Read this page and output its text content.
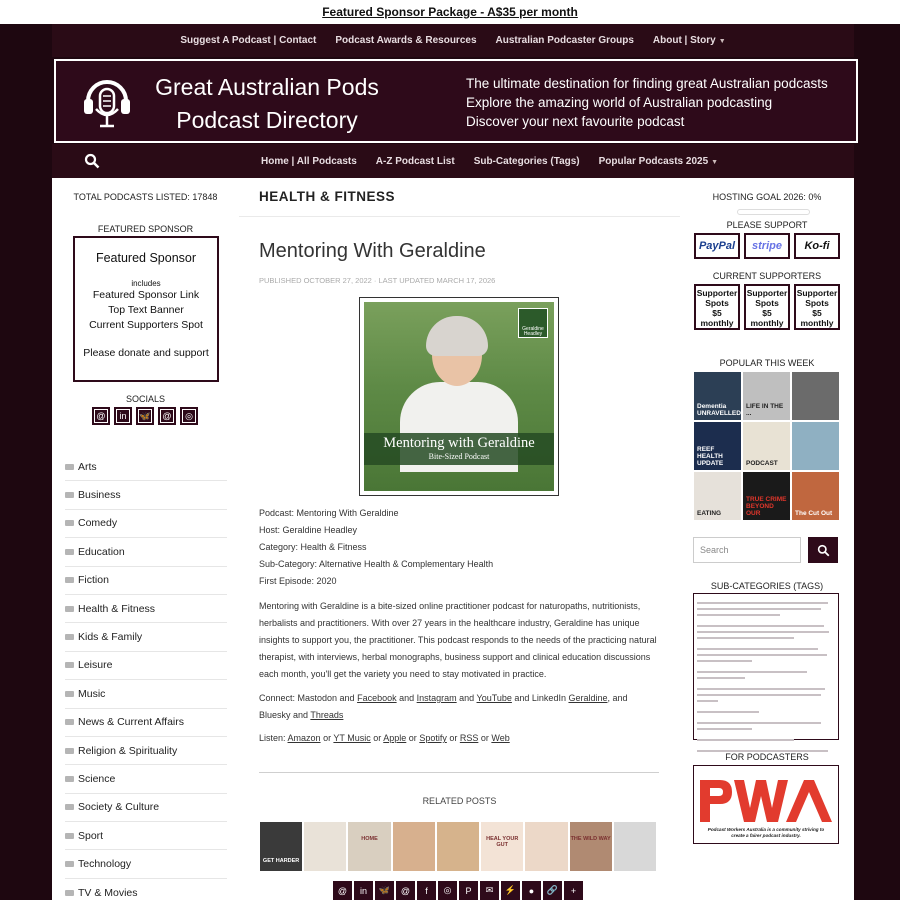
Featured Sponsor Package - A$35 per month
Suggest A Podcast | Contact Podcast Awards & Resources Australian Podcaster Groups About | Story ▼
Great Australian Pods
Podcast Directory
The ultimate destination for finding great Australian podcasts
Explore the amazing world of Australian podcasting
Discover your next favourite podcast
Home | All Podcasts A-Z Podcast List Sub-Categories (Tags) Popular Podcasts 2025 ▼
TOTAL PODCASTS LISTED: 17848
FEATURED SPONSOR
Featured Sponsor
includes
Featured Sponsor Link
Top Text Banner
Current Supporters Spot
Please donate and support
SOCIALS
@	in	🦋	@	◎
Arts
Business
Comedy
Education
Fiction
Health & Fitness
Kids & Family
Leisure
Music
News & Current Affairs
Religion & Spirituality
Science
Society & Culture
Sport
Technology
TV & Movies
HEALTH & FITNESS
Mentoring With Geraldine
PUBLISHED OCTOBER 27, 2022 · LAST UPDATED MARCH 17, 2026
Geraldine Headley
Mentoring with Geraldine
Bite-Sized Podcast
Podcast: Mentoring With Geraldine
Host: Geraldine Headley
Category: Health & Fitness
Sub-Category: Alternative Health & Complementary Health
First Episode: 2020

Mentoring with Geraldine is a bite-sized online practitioner podcast for naturopaths, nutritionists, herbalists and practitioners. With over 27 years in the healthcare industry, Geraldine has unique insights to support you, the practitioner. This podcast responds to the needs of the practicing natural therapist, with interviews, herbal monographs, business support and clinical education discussions each month, you'll get the variety you need to stay motivated in practice.

Connect: Mastodon and Facebook and Instagram and YouTube and LinkedIn Geraldine, and Bluesky and Threads

Listen: Amazon or YT Music or Apple or Spotify or RSS or Web

RELATED POSTS
GET HARDER
HOME	HEAL YOUR GUT
THE WILD WAY
@	in	🦋	@	f	◎	P	✉	⚡	●	🔗	+
HOSTING GOAL 2026: 0%
PLEASE SUPPORT
PayPal	stripe	Ko-fi
CURRENT SUPPORTERS
Supporter
Spots
$5
monthly
Supporter
Spots
$5
monthly
Supporter
Spots
$5
monthly
POPULAR THIS WEEK
Dementia UNRAVELLED
LIFE IN THE ...
REEF HEALTH UPDATE	PODCAST
EATING
TRUE CRIME BEYOND OUR	The Cut Out
Search
SUB-CATEGORIES (TAGS)
FOR PODCASTERS
Podcast Workers Australia is a community striving to
create a fairer podcast industry.
